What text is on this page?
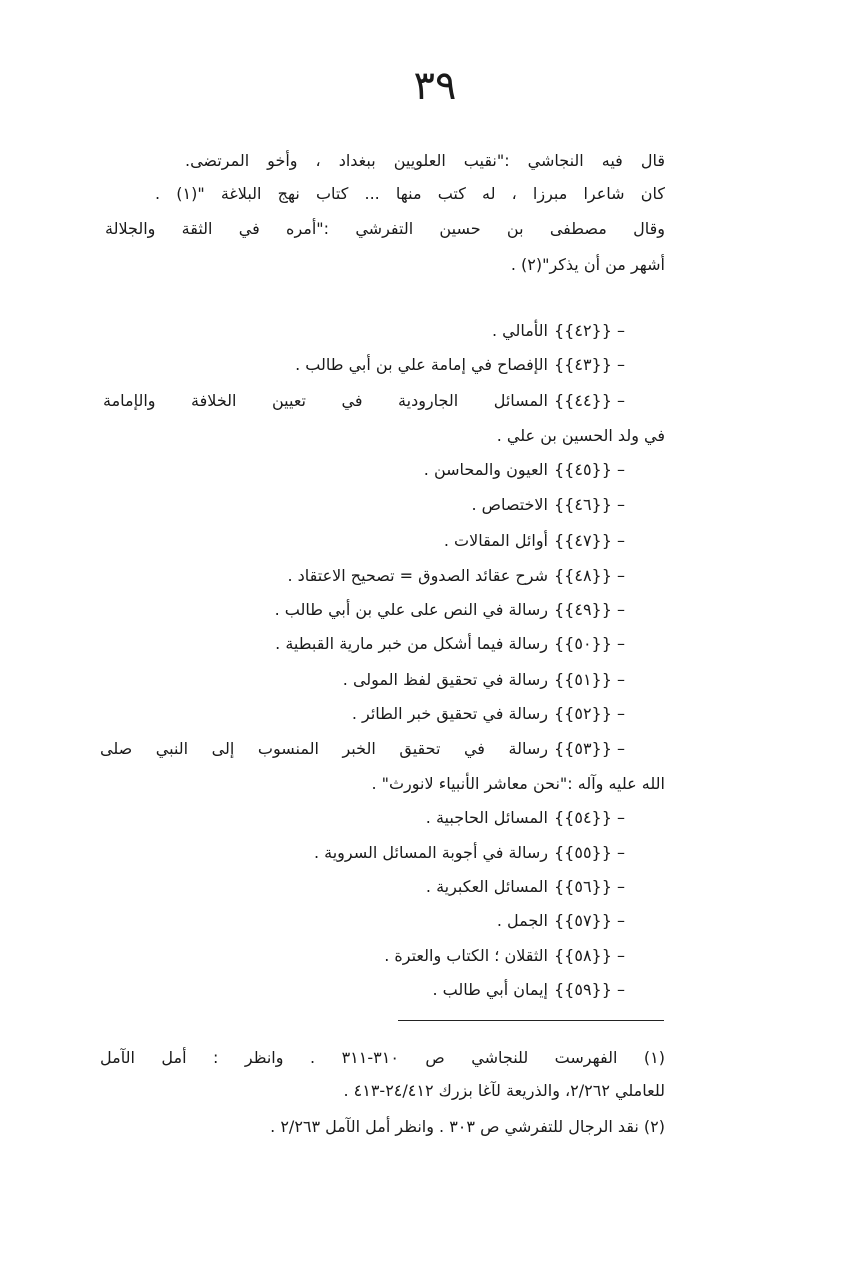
٣٩
قال فيه النجاشي :"نقيب العلويين ببغداد ، وأخو المرتضى.
كان شاعرا مبرزا ، له كتب منها ... كتاب نهج البلاغة "(١) .
وقال مصطفى بن حسين التفرشي :"أمره في الثقة والجلالة
أشهر من أن يذكر"(٢) .
{{٤٢}} –الأمالي .
{{٤٣}} –الإفصاح في إمامة علي بن أبي طالب .
{{٤٤}} –المسائل الجارودية في تعيين الخلافة والإمامة
في ولد الحسين بن علي .
{{٤٥}} –العيون والمحاسن .
{{٤٦}} –الاختصاص .
{{٤٧}} –أوائل المقالات .
{{٤٨}} –شرح عقائد الصدوق = تصحيح الاعتقاد .
{{٤٩}} –رسالة في النص على علي بن أبي طالب .
{{٥٠}} –رسالة فيما أشكل من خبر مارية القبطية .
{{٥١}} –رسالة في تحقيق لفظ المولى .
{{٥٢}} –رسالة في تحقيق خبر الطائر .
{{٥٣}} –رسالة في تحقيق الخبر المنسوب إلى النبي صلى
الله عليه وآله :"نحن معاشر الأنبياء لانورث" .
{{٥٤}} –المسائل الحاجبية .
{{٥٥}} –رسالة في أجوبة المسائل السروية .
{{٥٦}} –المسائل العكبرية .
{{٥٧}} –الجمل .
{{٥٨}} –الثقلان ؛ الكتاب والعترة .
{{٥٩}} –إيمان أبي طالب .
(١) الفهرست للنجاشي ص ٣١٠-٣١١ . وانظر : أمل الآمل
للعاملي ٢/٢٦٢، والذريعة لآغا بزرك ٢٤/٤١٢-٤١٣ .
(٢) نقد الرجال للتفرشي ص ٣٠٣ . وانظر أمل الآمل ٢/٢٦٣ .
